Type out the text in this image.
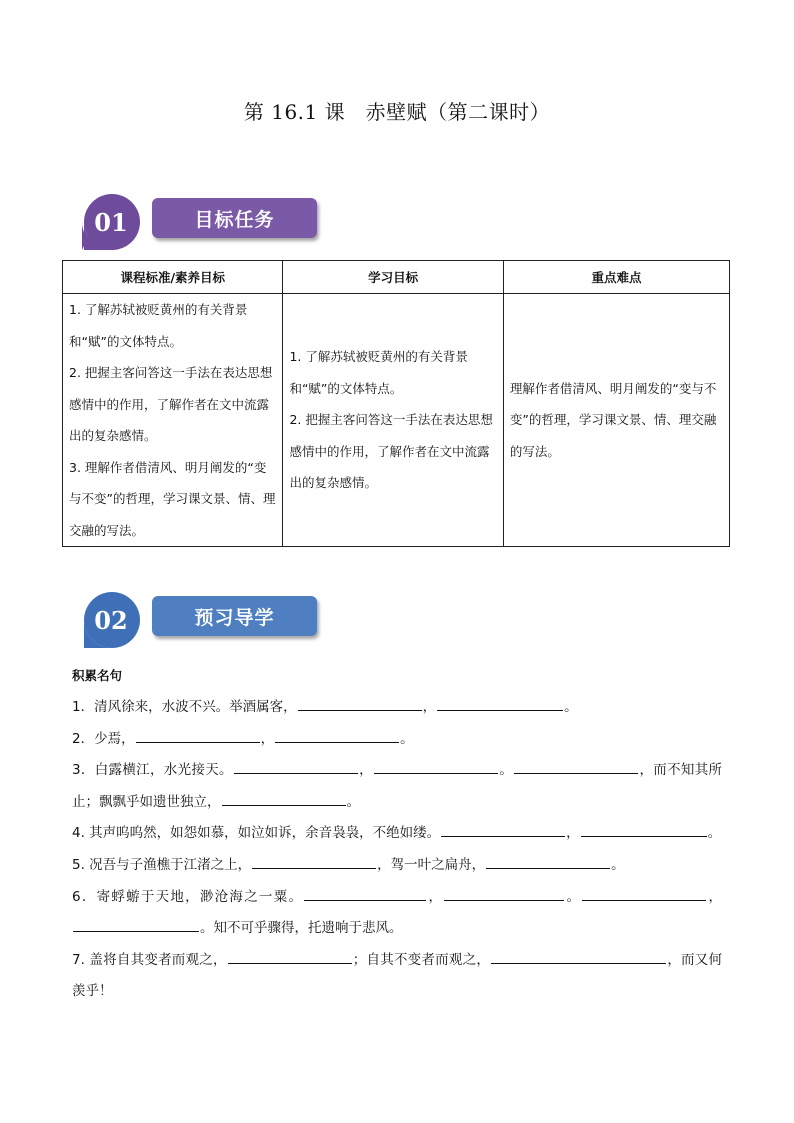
第 16.1 课　赤壁赋（第二课时）
01	目标任务
课程标准/素养目标	学习目标	重点难点

1. 了解苏轼被贬黄州的有关背景和“赋”的文体特点。
2. 把握主客问答这一手法在表达思想感情中的作用，了解作者在文中流露出的复杂感情。
3. 理解作者借清风、明月阐发的“变与不变”的哲理，学习课文景、情、理交融的写法。	1. 了解苏轼被贬黄州的有关背景和“赋”的文体特点。
2. 把握主客问答这一手法在表达思想感情中的作用，了解作者在文中流露出的复杂感情。	理解作者借清风、明月阐发的“变与不变”的哲理，学习课文景、情、理交融的写法。
02	预习导学
积累名句

1．清风徐来，水波不兴。举酒属客，	，	。

2．少焉，	，	。

3．白露横江，水光接天。	，	。	，而不知其所止；飘飘乎如遗世独立，	。

4. 其声呜呜然，如怨如慕，如泣如诉，余音袅袅，不绝如缕。	，	。

5. 况吾与子渔樵于江渚之上，	，驾一叶之扁舟，	。

6．寄蜉蝣于天地，渺沧海之一粟。	，	。	，。知不可乎骤得，托遗响于悲风。

7. 盖将自其变者而观之，	；自其不变者而观之，	，而又何羡乎！
